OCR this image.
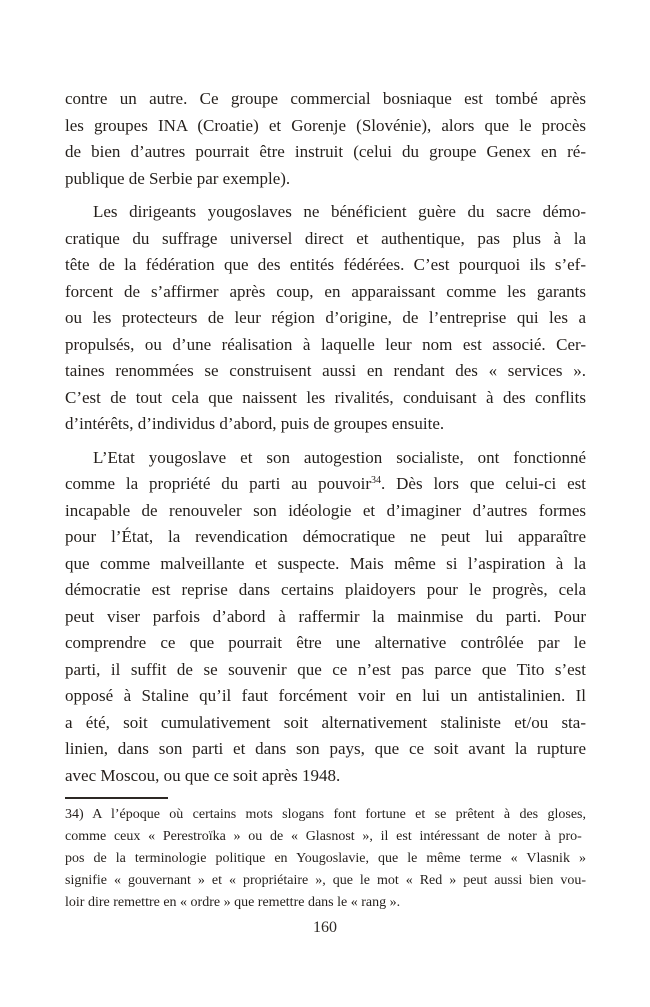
contre un autre. Ce groupe commercial bosniaque est tombé après
les groupes INA (Croatie) et Gorenje (Slovénie), alors que le procès
de bien d’autres pourrait être instruit (celui du groupe Genex en ré-
publique de Serbie par exemple).
Les dirigeants yougoslaves ne bénéficient guère du sacre démo-
cratique du suffrage universel direct et authentique, pas plus à la
tête de la fédération que des entités fédérées. C’est pourquoi ils s’ef-
forcent de s’affirmer après coup, en apparaissant comme les garants
ou les protecteurs de leur région d’origine, de l’entreprise qui les a
propulsés, ou d’une réalisation à laquelle leur nom est associé. Cer-
taines renommées se construisent aussi en rendant des « services ».
C’est de tout cela que naissent les rivalités, conduisant à des conflits
d’intérêts, d’individus d’abord, puis de groupes ensuite.
L’Etat yougoslave et son autogestion socialiste, ont fonctionné
comme la propriété du parti au pouvoir$^{34}$. Dès lors que celui-ci est
incapable de renouveler son idéologie et d’imaginer d’autres formes
pour l’État, la revendication démocratique ne peut lui apparaître
que comme malveillante et suspecte. Mais même si l’aspiration à la
démocratie est reprise dans certains plaidoyers pour le progrès, cela
peut viser parfois d’abord à raffermir la mainmise du parti. Pour
comprendre ce que pourrait être une alternative contrôlée par le
parti, il suffit de se souvenir que ce n’est pas parce que Tito s’est
opposé à Staline qu’il faut forcément voir en lui un antistalinien. Il
a été, soit cumulativement soit alternativement staliniste et/ou sta-
linien, dans son parti et dans son pays, que ce soit avant la rupture
avec Moscou, ou que ce soit après 1948.
34) A l’époque où certains mots slogans font fortune et se prêtent à des gloses,
comme ceux « Perestroïka » ou de « Glasnost », il est intéressant de noter à pro-
pos de la terminologie politique en Yougoslavie, que le même terme « Vlasnik »
signifie « gouvernant » et « propriétaire », que le mot « Red » peut aussi bien vou-
loir dire remettre en « ordre » que remettre dans le « rang ».
160
